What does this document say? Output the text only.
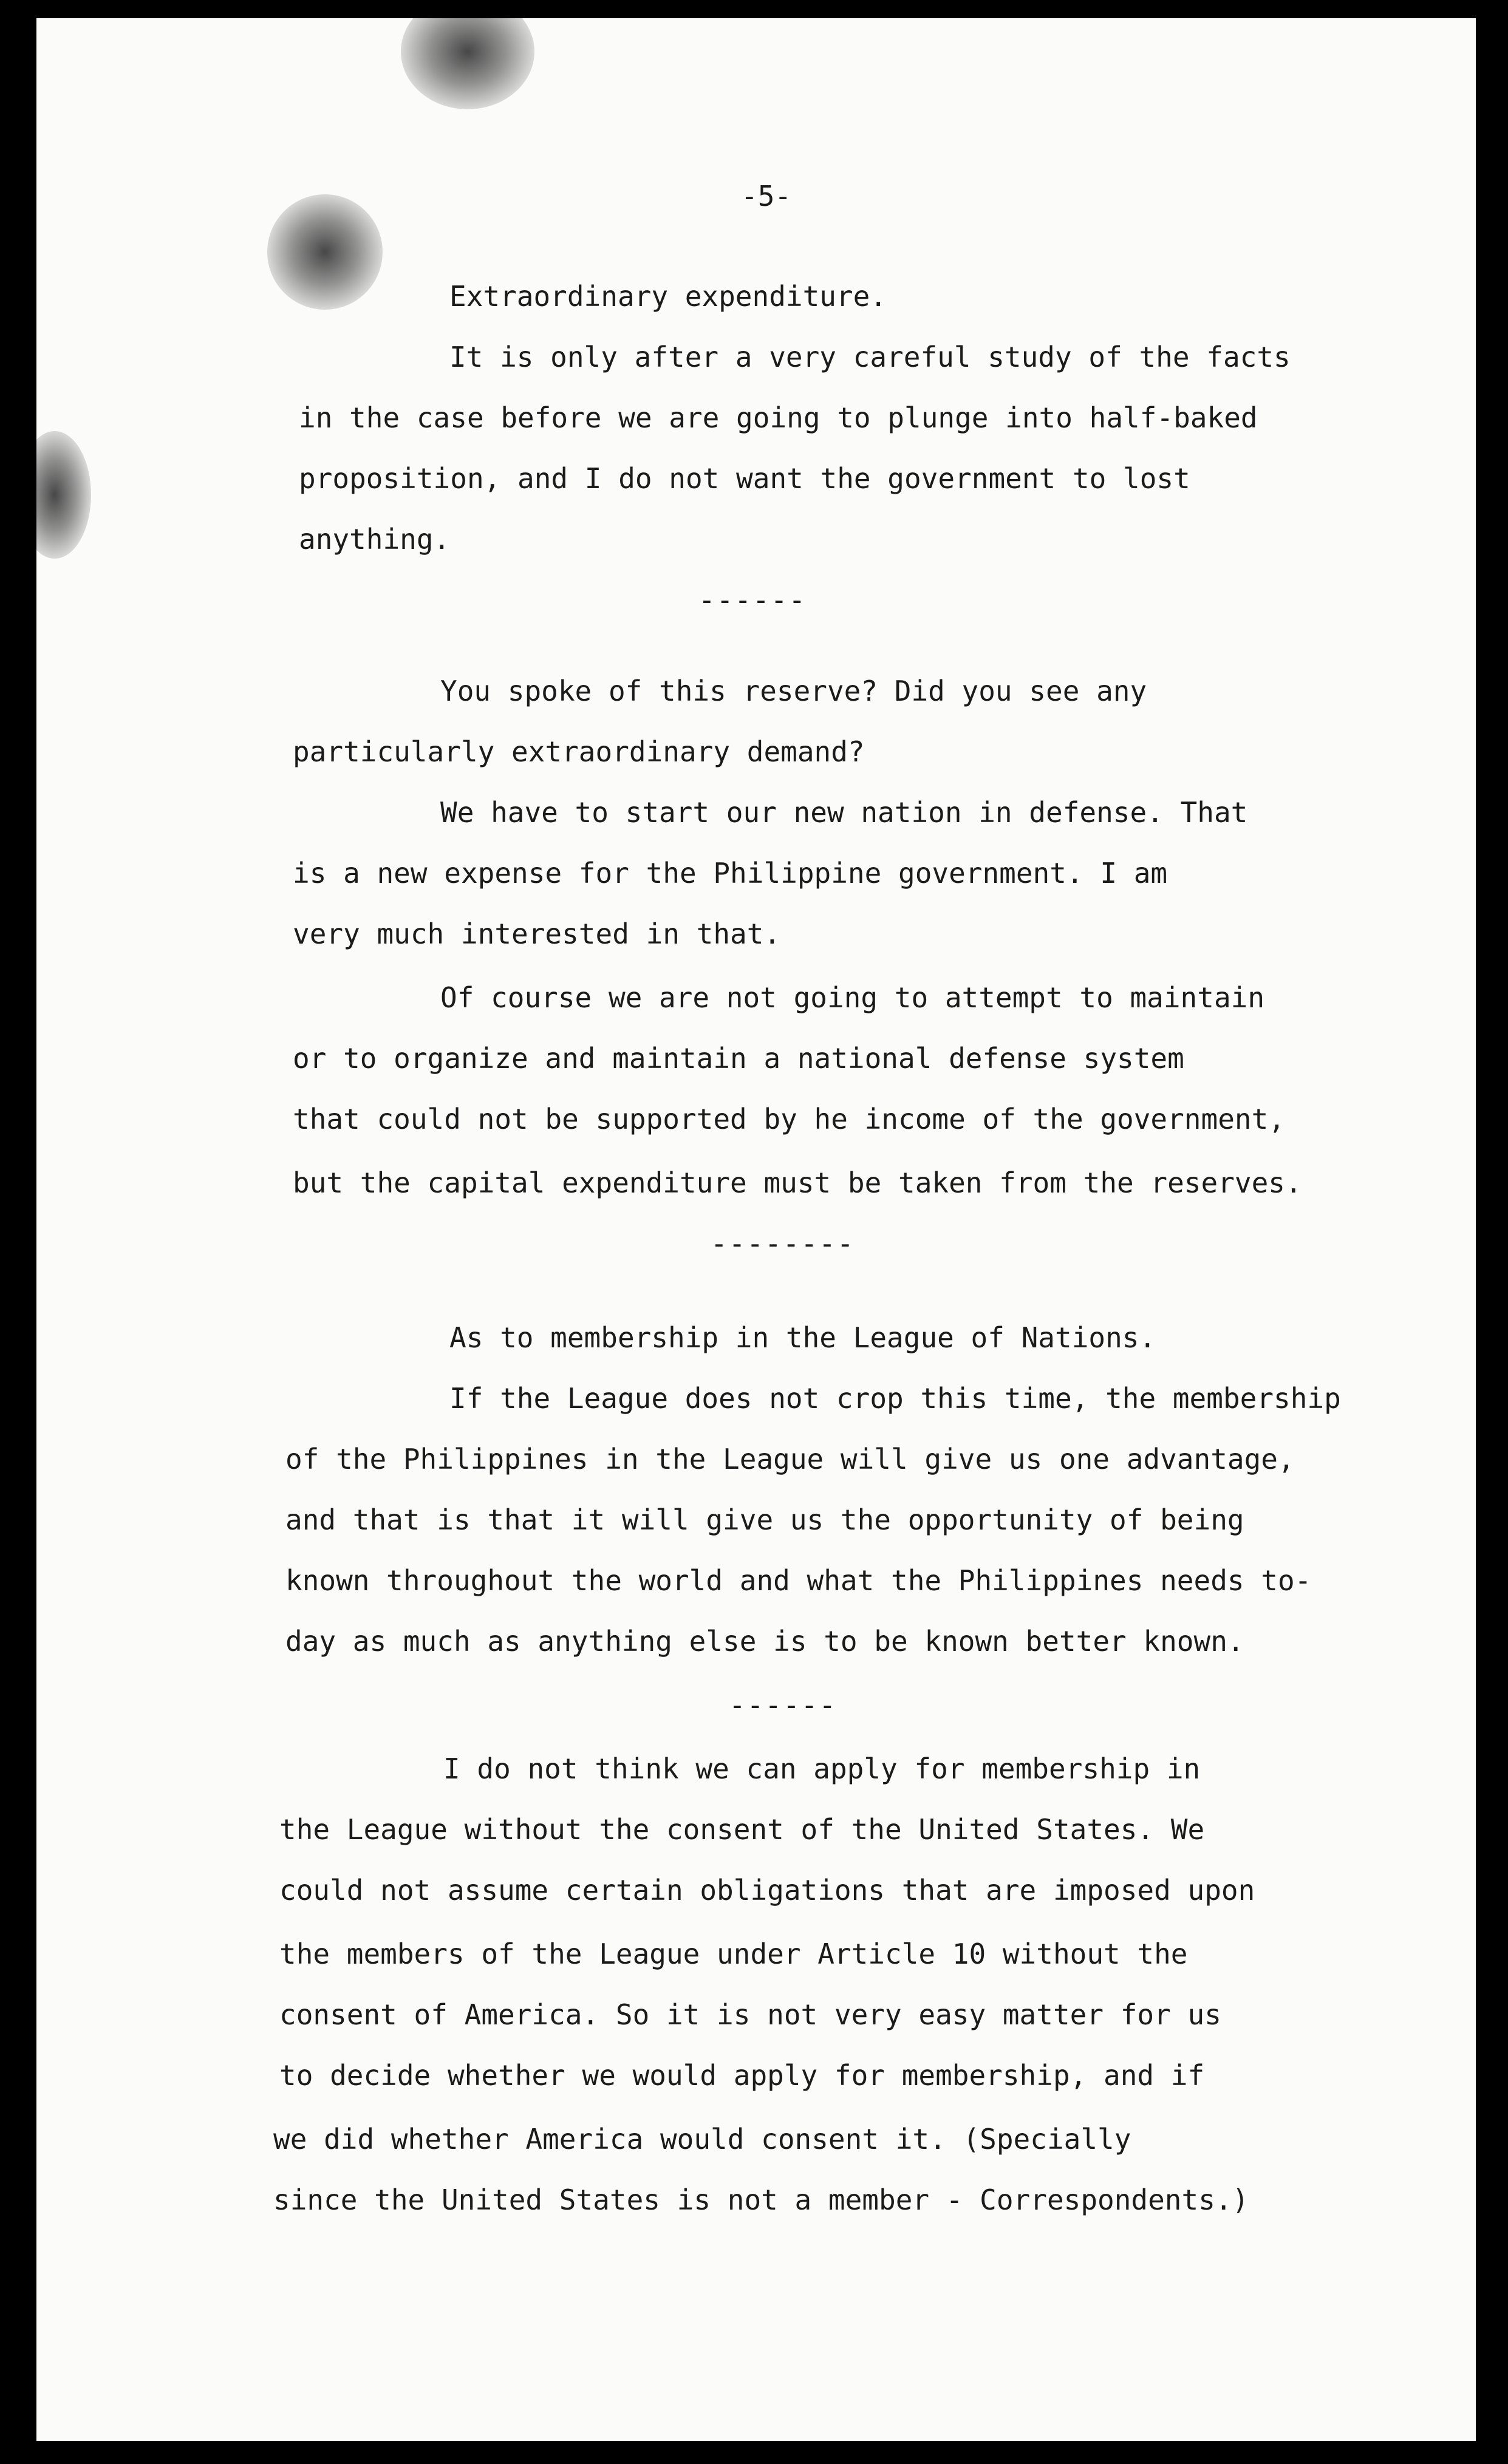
-5-

Extraordinary expenditure.

It is only after a very careful study of the facts

in the case before we are going to plunge into half-baked

proposition, and I do not want the government to lost

anything.

------

You spoke of this reserve? Did you see any

particularly extraordinary demand?

We have to start our new nation in defense. That

is a new expense for the Philippine government. I am

very much interested in that.

Of course we are not going to attempt to maintain

or to organize and maintain a national defense system

that could not be supported by he income of the government,

but the capital expenditure must be taken from the reserves.

--------

As to membership in the League of Nations.

If the League does not crop this time, the membership

of the Philippines in the League will give us one advantage,

and that is that it will give us the opportunity of being

known throughout the world and what the Philippines needs to-

day as much as anything else is to be known better known.

------

I do not think we can apply for membership in

the League without the consent of the United States. We

could not assume certain obligations that are imposed upon

the members of the League under Article 10 without the

consent of America. So it is not very easy matter for us

to decide whether we would apply for membership, and if

we did whether America would consent it. (Specially

since the United States is not a member - Correspondents.)
